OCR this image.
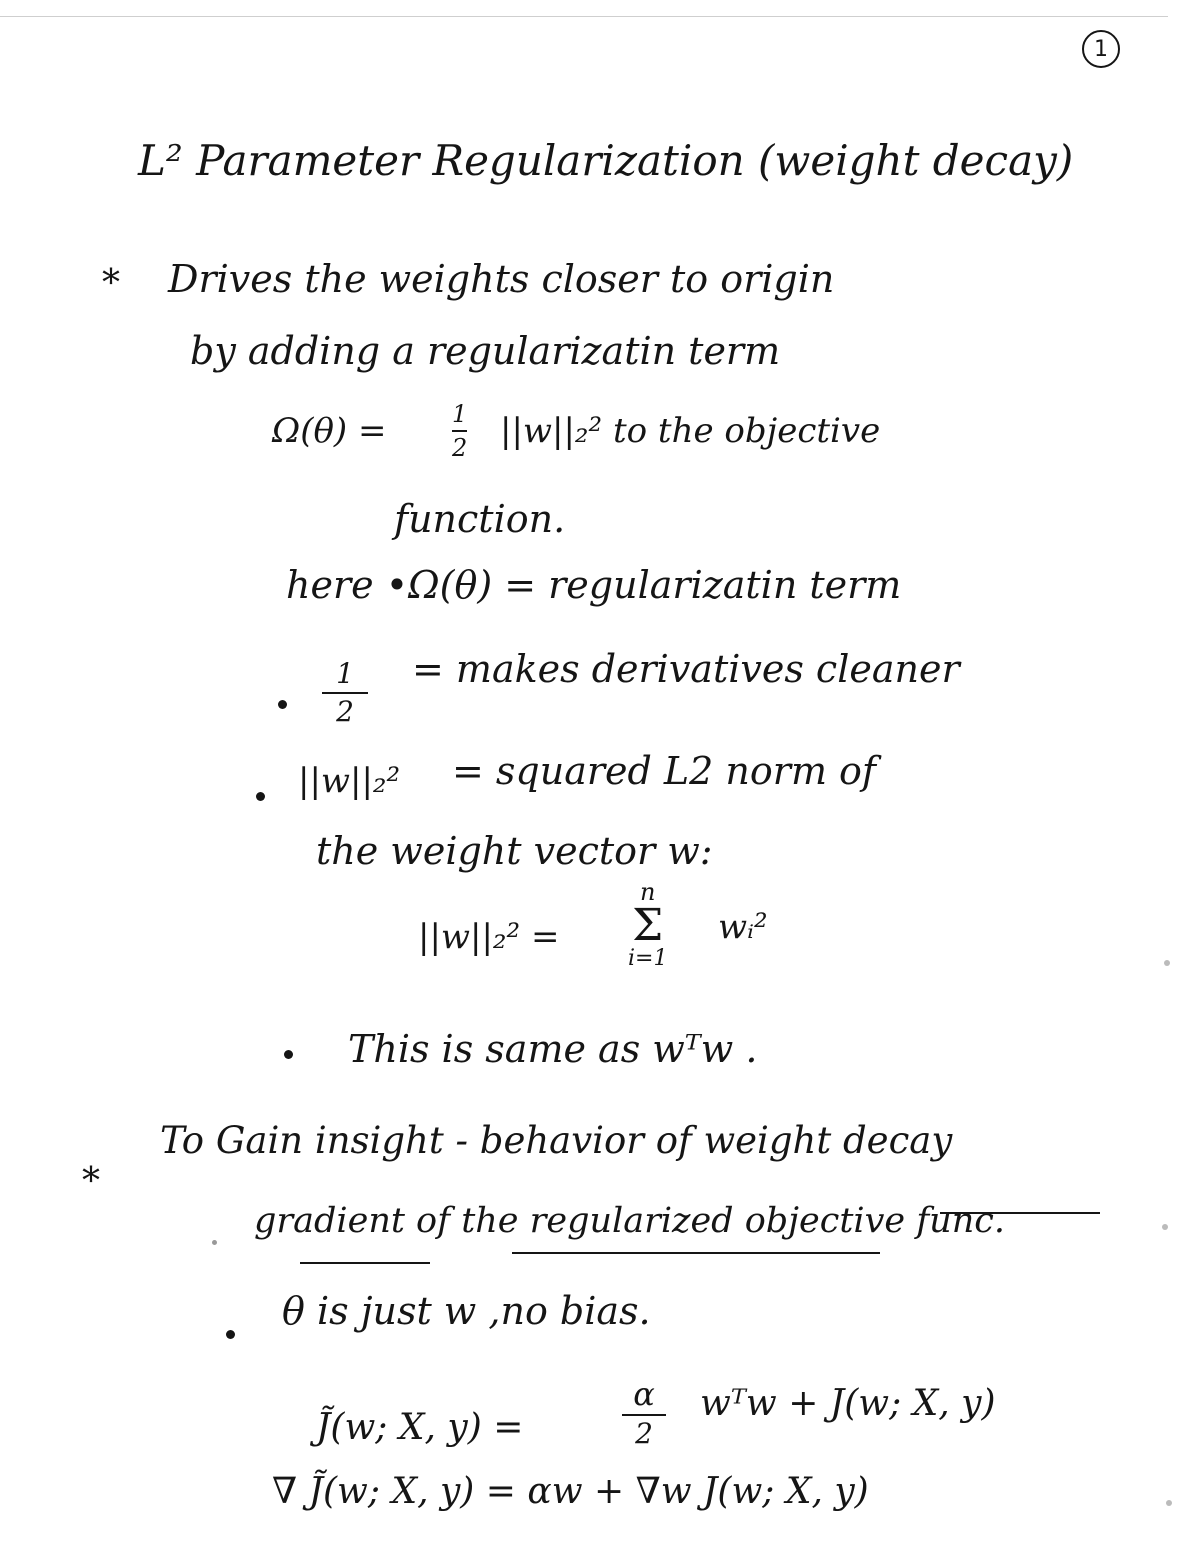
1
L² Parameter Regularization (weight decay)
* Drives the weights closer to origin
by adding a regularizatin term
Ω(θ) =	1
2 ||w||₂² to the objective
function.
here •Ω(θ) = regularizatin term
1
2
= makes derivatives cleaner
||w||₂² = squared L2 norm of
the weight vector w:
||w||₂² =
n
Σ
i=1
wᵢ²
This is same as wᵀw .
*
To Gain insight - behavior of weight decay
gradient of the regularized objective func.
θ is just w ,no bias.
J̃(w; X, y) =
α
2
wᵀw + J(w; X, y)
∇ J̃(w; X, y) = αw + ∇w J(w; X, y)
